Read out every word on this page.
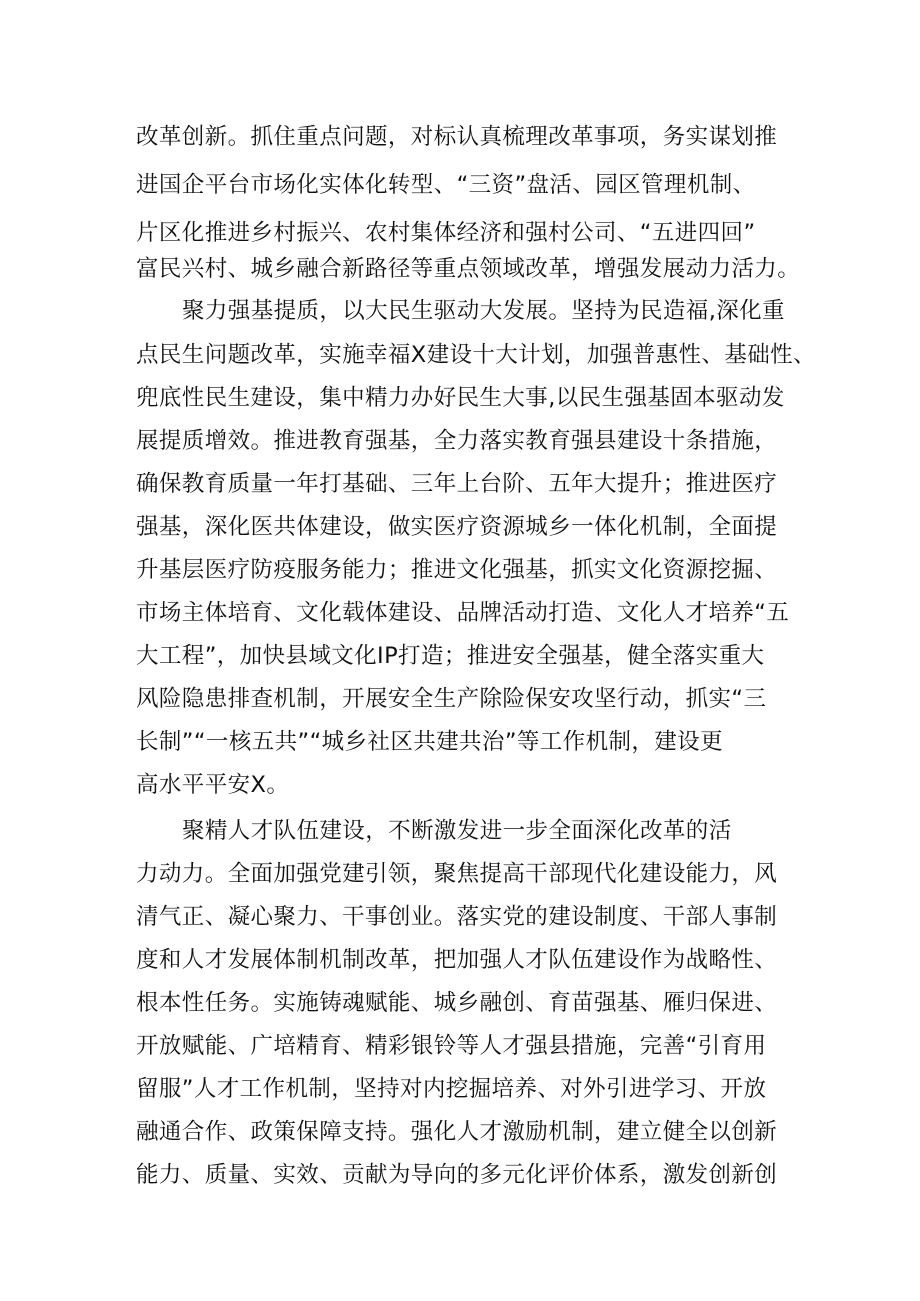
改革创新。抓住重点问题，对标认真梳理改革事项，务实谋划推
进国企平台市场化实体化转型、“三资”盘活、园区管理机制、
片区化推进乡村振兴、农村集体经济和强村公司、“五进四回”
富民兴村、城乡融合新路径等重点领域改革，增强发展动力活力。
聚力强基提质，以大民生驱动大发展。坚持为民造福,深化重
点民生问题改革，实施幸福X建设十大计划，加强普惠性、基础性、
兜底性民生建设，集中精力办好民生大事,以民生强基固本驱动发
展提质增效。推进教育强基，全力落实教育强县建设十条措施，
确保教育质量一年打基础、三年上台阶、五年大提升；推进医疗
强基，深化医共体建设，做实医疗资源城乡一体化机制，全面提
升基层医疗防疫服务能力；推进文化强基，抓实文化资源挖掘、
市场主体培育、文化载体建设、品牌活动打造、文化人才培养“五
大工程”，加快县域文化IP打造；推进安全强基，健全落实重大
风险隐患排查机制，开展安全生产除险保安攻坚行动，抓实“三
长制”“一核五共”“城乡社区共建共治”等工作机制，建设更
高水平平安X。
聚精人才队伍建设，不断激发进一步全面深化改革的活
力动力。全面加强党建引领，聚焦提高干部现代化建设能力，风
清气正、凝心聚力、干事创业。落实党的建设制度、干部人事制
度和人才发展体制机制改革，把加强人才队伍建设作为战略性、
根本性任务。实施铸魂赋能、城乡融创、育苗强基、雁归保进、
开放赋能、广培精育、精彩银铃等人才强县措施，完善“引育用
留服”人才工作机制，坚持对内挖掘培养、对外引进学习、开放
融通合作、政策保障支持。强化人才激励机制，建立健全以创新
能力、质量、实效、贡献为导向的多元化评价体系，激发创新创
